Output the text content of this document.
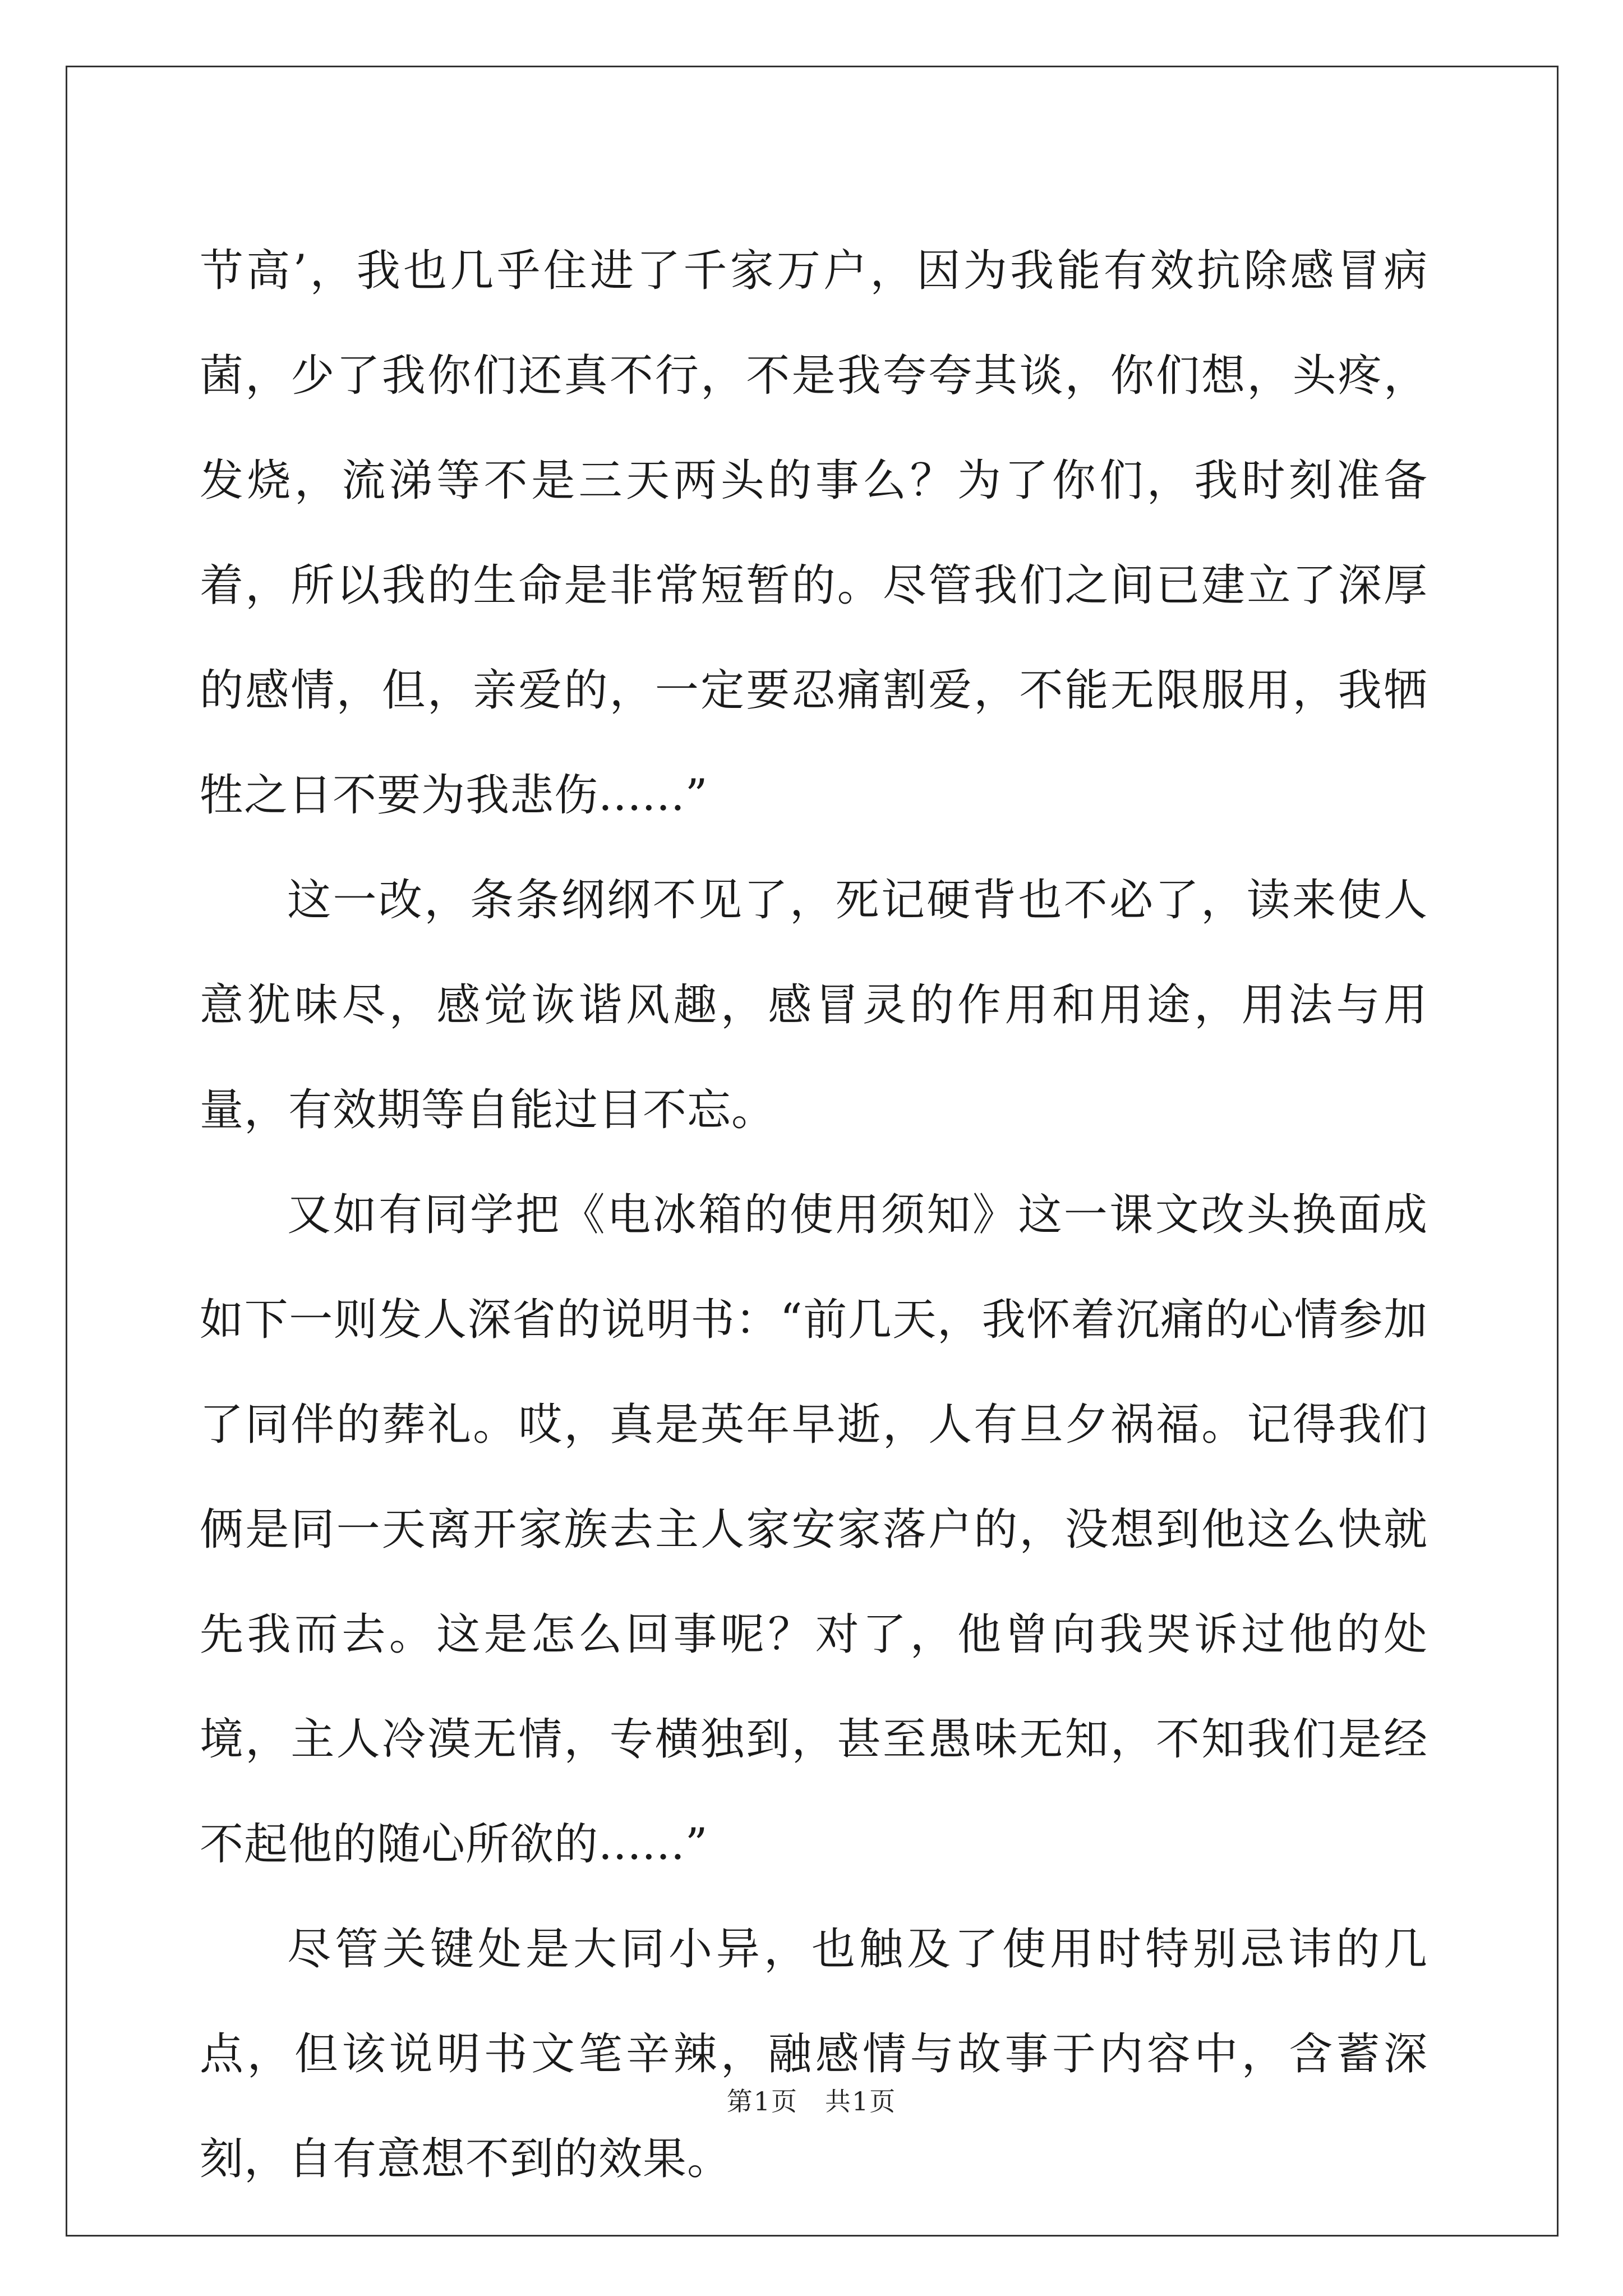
节高’，我也几乎住进了千家万户，因为我能有效抗除感冒病菌，少了我你们还真不行，不是我夸夸其谈，你们想，头疼，发烧，流涕等不是三天两头的事么？为了你们，我时刻准备着，所以我的生命是非常短暂的。尽管我们之间已建立了深厚的感情，但，亲爱的，一定要忍痛割爱，不能无限服用，我牺牲之日不要为我悲伤......”

这一改，条条纲纲不见了，死记硬背也不必了，读来使人意犹味尽，感觉诙谐风趣，感冒灵的作用和用途，用法与用量，有效期等自能过目不忘。

又如有同学把《电冰箱的使用须知》这一课文改头换面成如下一则发人深省的说明书：“前几天，我怀着沉痛的心情参加了同伴的葬礼。哎，真是英年早逝，人有旦夕祸福。记得我们俩是同一天离开家族去主人家安家落户的，没想到他这么快就先我而去。这是怎么回事呢？对了，他曾向我哭诉过他的处境，主人冷漠无情，专横独到，甚至愚味无知，不知我们是经不起他的随心所欲的......”

尽管关键处是大同小异，也触及了使用时特别忌讳的几点，但该说明书文笔辛辣，融感情与故事于内容中，含蓄深刻，自有意想不到的效果。

第1页　共1页
